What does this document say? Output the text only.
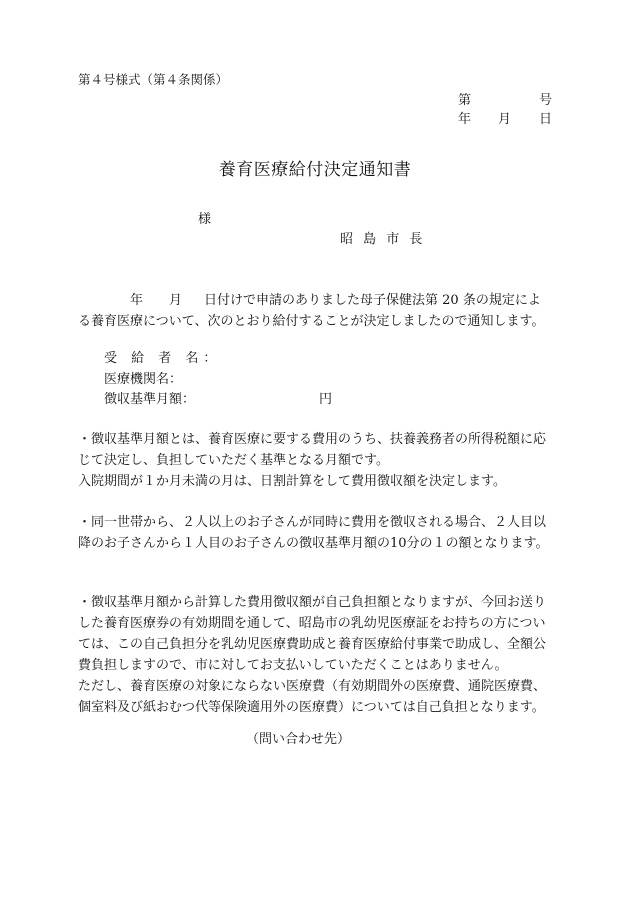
第４号様式（第４条関係）
第	号
年 月 日
養育医療給付決定通知書
様
昭 島 市 長
年 月 日付けで申請のありました母子保健法第 20 条の規定によ
る養育医療について、次のとおり給付することが決定しましたので通知します。
受 給 者 名：
医療機関名：
徴収基準月額：	円
・徴収基準月額とは、養育医療に要する費用のうち、扶養義務者の所得税額に応じて決定し、負担していただく基準となる月額です。
入院期間が１か月未満の月は、日割計算をして費用徴収額を決定します。
・同一世帯から、２人以上のお子さんが同時に費用を徴収される場合、２人目以降のお子さんから１人目のお子さんの徴収基準月額の10分の１の額となります。
・徴収基準月額から計算した費用徴収額が自己負担額となりますが、今回お送りした養育医療券の有効期間を通して、昭島市の乳幼児医療証をお持ちの方については、この自己負担分を乳幼児医療費助成と養育医療給付事業で助成し、全額公費負担しますので、市に対してお支払いしていただくことはありません。
ただし、養育医療の対象にならない医療費（有効期間外の医療費、通院医療費、個室料及び紙おむつ代等保険適用外の医療費）については自己負担となります。
（問い合わせ先）
